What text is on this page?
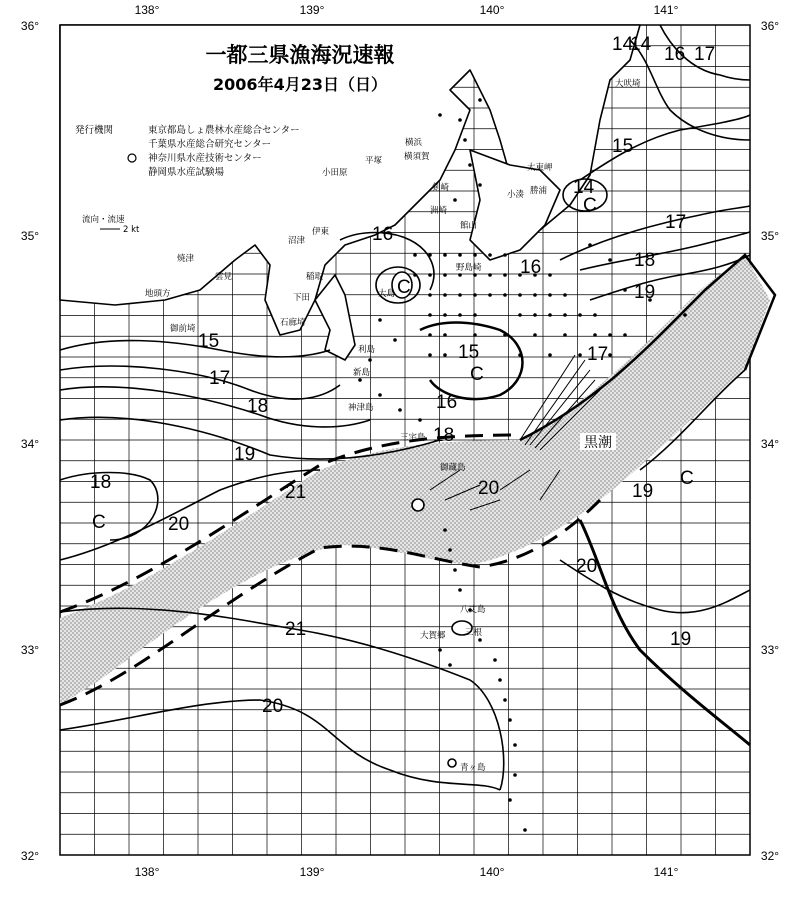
138°	139°	140°	141°
138°	139°	140°	141°
36°
35°
34°
33°
32°
36°
35°
34°
33°
32°
一都三県漁海況速報
2006年4月23日（日）
発行機関	東京都島しょ農林水産総合センター
千葉県水産総合研究センター
神奈川県水産技術センター
静岡県水産試験場
流向・流速
2 kt
大吠埼
太東岬
小湊 勝浦
横須賀
平塚
小田原
横浜
剣崎
館山
洲崎
伊東
沼津
焼津
御前埼
地頭方
稲取
下田
石廊埼
野島崎
大島
利島
新島
神津島
三宅島
御蔵島
八丈島
三根
大賀郷
青ヶ島
雲見
黒潮
14
14 16 17
15
14
16
17
16
18
19
15	17
15
17
18	16
18
19
18	21	20
20
19
20
21
20
19
C
C
C
C
C
